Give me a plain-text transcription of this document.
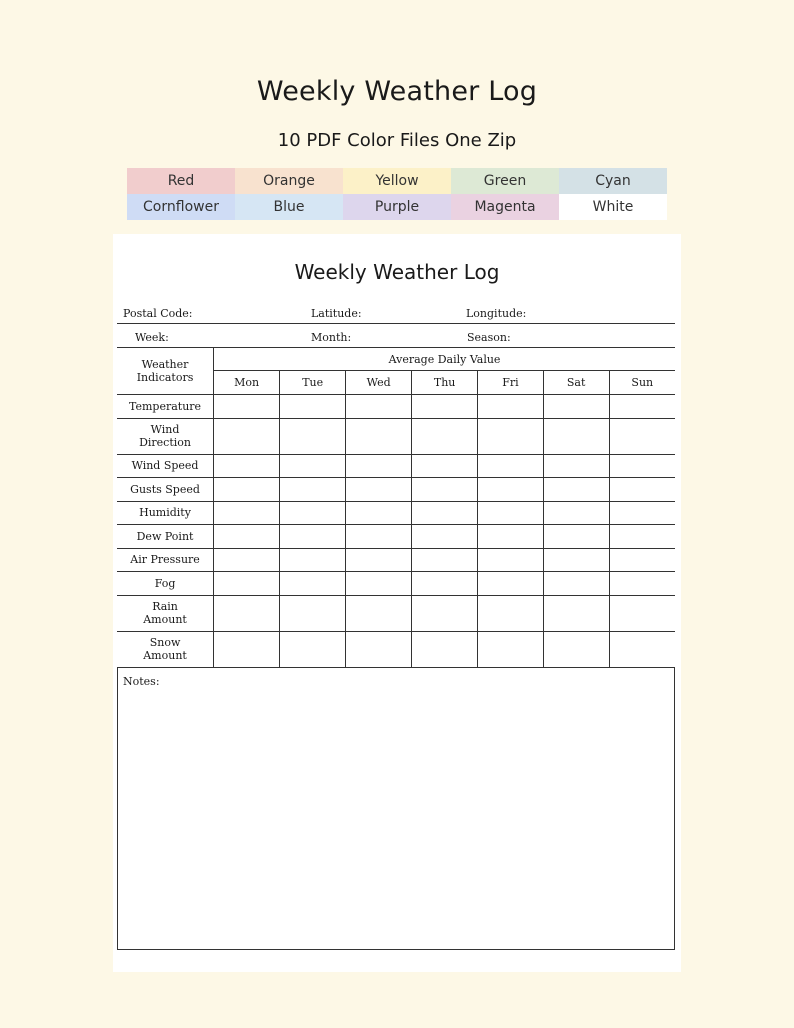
Weekly Weather Log
10 PDF Color Files One Zip
Red	Orange	Yellow	Green	Cyan
Cornflower	Blue	Purple	Magenta	White
Weekly Weather Log
Postal Code:	Latitude:	Longitude:
Week:	Month:	Season:
Weather Indicators	Average Daily Value						
	Mon	Tue	Wed	Thu	Fri	Sat	Sun
Temperature							
Wind Direction							
Wind Speed							
Gusts Speed							
Humidity							
Dew Point							
Air Pressure							
Fog							
Rain Amount							
Snow Amount							
Notes:
